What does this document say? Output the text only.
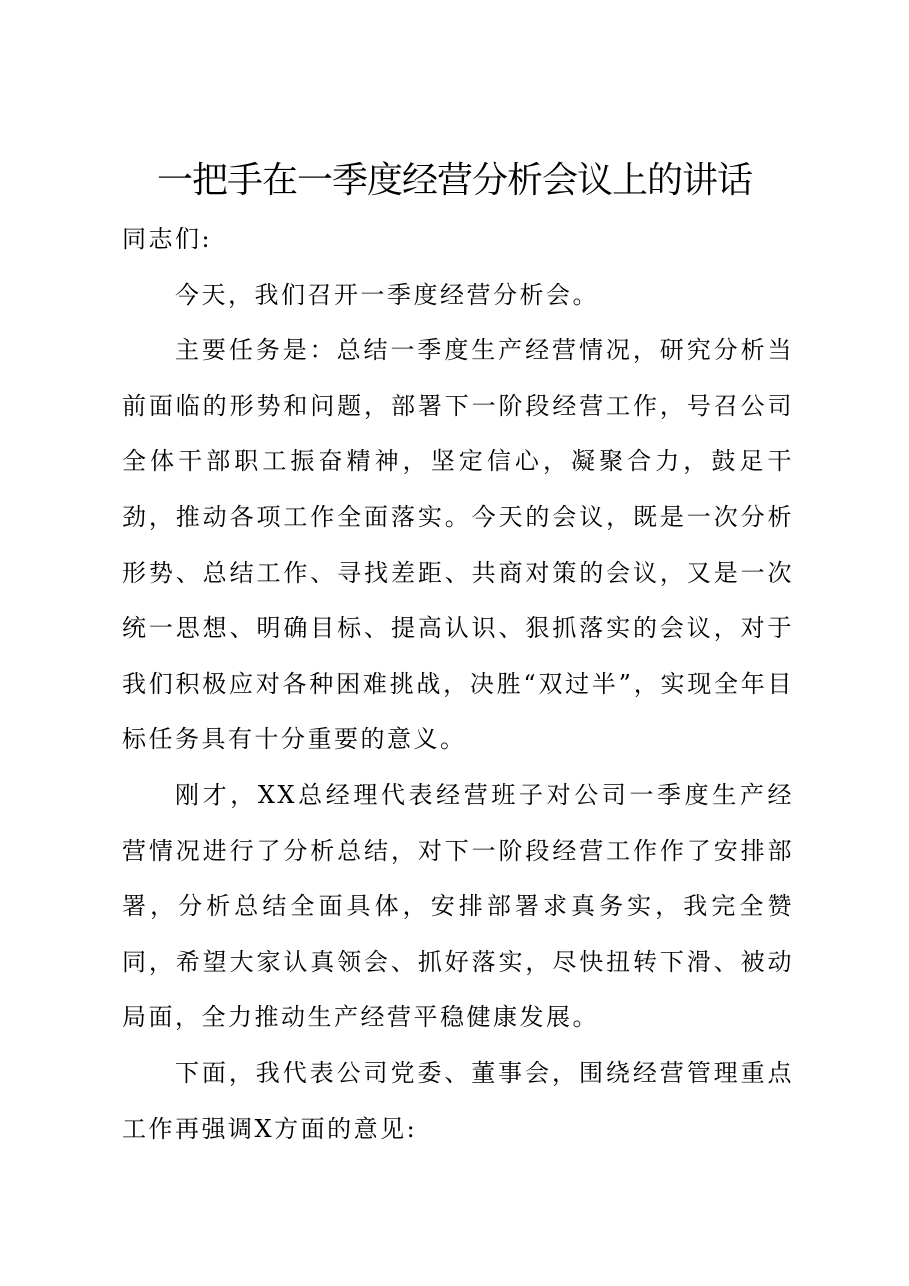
一把手在一季度经营分析会议上的讲话

同志们:

今天，我们召开一季度经营分析会。

主要任务是：总结一季度生产经营情况，研究分析当前面临的形势和问题，部署下一阶段经营工作，号召公司全体干部职工振奋精神，坚定信心，凝聚合力，鼓足干劲，推动各项工作全面落实。今天的会议，既是一次分析形势、总结工作、寻找差距、共商对策的会议，又是一次统一思想、明确目标、提高认识、狠抓落实的会议，对于我们积极应对各种困难挑战，决胜“双过半”，实现全年目标任务具有十分重要的意义。

刚才，XX总经理代表经营班子对公司一季度生产经营情况进行了分析总结，对下一阶段经营工作作了安排部署，分析总结全面具体，安排部署求真务实，我完全赞同，希望大家认真领会、抓好落实，尽快扭转下滑、被动局面，全力推动生产经营平稳健康发展。

下面，我代表公司党委、董事会，围绕经营管理重点工作再强调X方面的意见:
